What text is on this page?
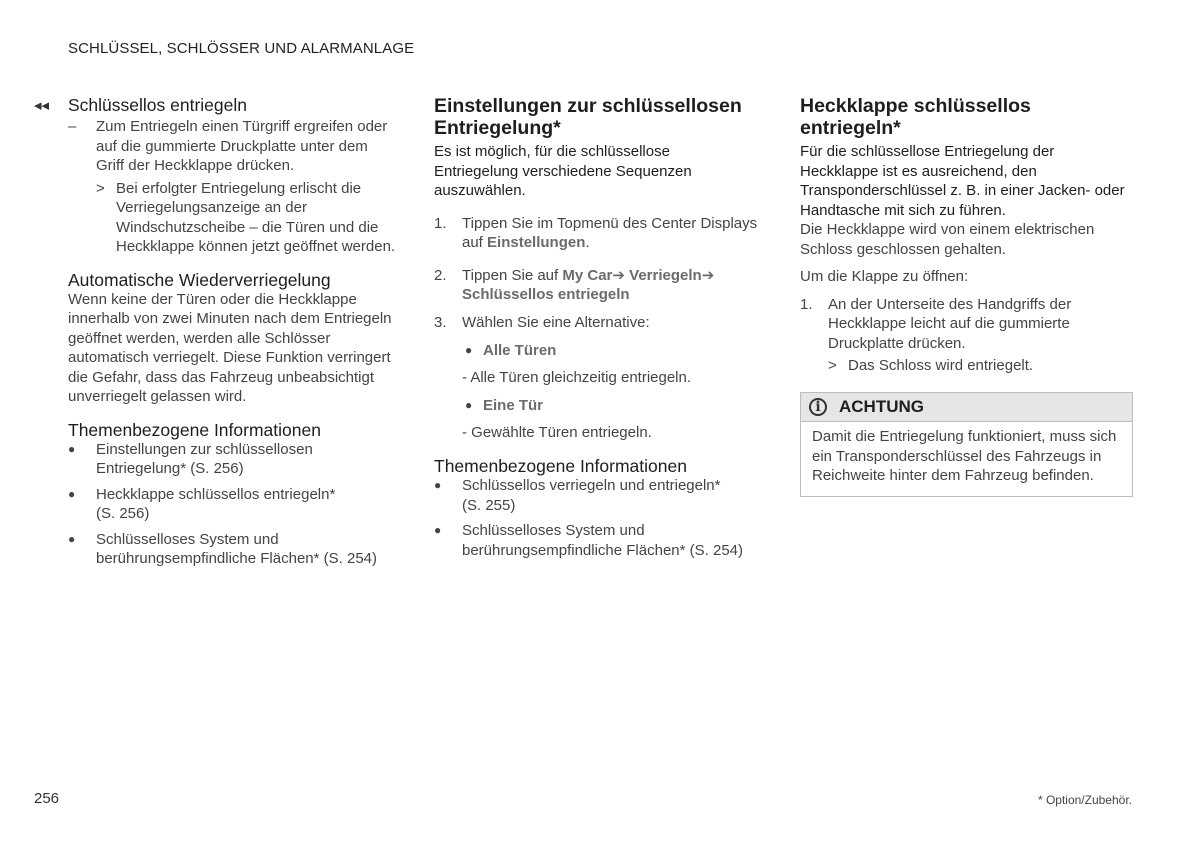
SCHLÜSSEL, SCHLÖSSER UND ALARMANLAGE
◂◂ Schlüssellos entriegeln
–	Zum Entriegeln einen Türgriff ergreifen oder auf die gummierte Druckplatte unter dem Griff der Heckklappe drücken.
> Bei erfolgter Entriegelung erlischt die Verriegelungsanzeige an der Windschutzscheibe – die Türen und die Heckklappe können jetzt geöffnet werden.
Automatische Wiederverriegelung
Wenn keine der Türen oder die Heckklappe innerhalb von zwei Minuten nach dem Entriegeln geöffnet werden, werden alle Schlösser automatisch verriegelt. Diese Funktion verringert die Gefahr, dass das Fahrzeug unbeabsichtigt unverriegelt gelassen wird.
Themenbezogene Informationen
●	Einstellungen zur schlüssellosen Entriegelung* (S. 256)
●	Heckklappe schlüssellos entriegeln* (S. 256)
●	Schlüsselloses System und berührungsempfindliche Flächen* (S. 254)
Einstellungen zur schlüssellosen Entriegelung*
Es ist möglich, für die schlüssellose Entriegelung verschiedene Sequenzen auszuwählen.
1.	Tippen Sie im Topmenü des Center Displays auf Einstellungen.
2.	Tippen Sie auf My Car➔ Verriegeln➔ Schlüssellos entriegeln
3.	Wählen Sie eine Alternative:
● Alle Türen
- Alle Türen gleichzeitig entriegeln.
● Eine Tür
- Gewählte Türen entriegeln.
Themenbezogene Informationen
●	Schlüssellos verriegeln und entriegeln* (S. 255)
●	Schlüsselloses System und berührungsempfindliche Flächen* (S. 254)
Heckklappe schlüssellos entriegeln*
Für die schlüssellose Entriegelung der Heckklappe ist es ausreichend, den Transponderschlüssel z. B. in einer Jacken- oder Handtasche mit sich zu führen.
Die Heckklappe wird von einem elektrischen Schloss geschlossen gehalten.
Um die Klappe zu öffnen:
1.	An der Unterseite des Handgriffs der Heckklappe leicht auf die gummierte Druckplatte drücken.
> Das Schloss wird entriegelt.
i	ACHTUNG
Damit die Entriegelung funktioniert, muss sich ein Transponderschlüssel des Fahrzeugs in Reichweite hinter dem Fahrzeug befinden.
256	* Option/Zubehör.
